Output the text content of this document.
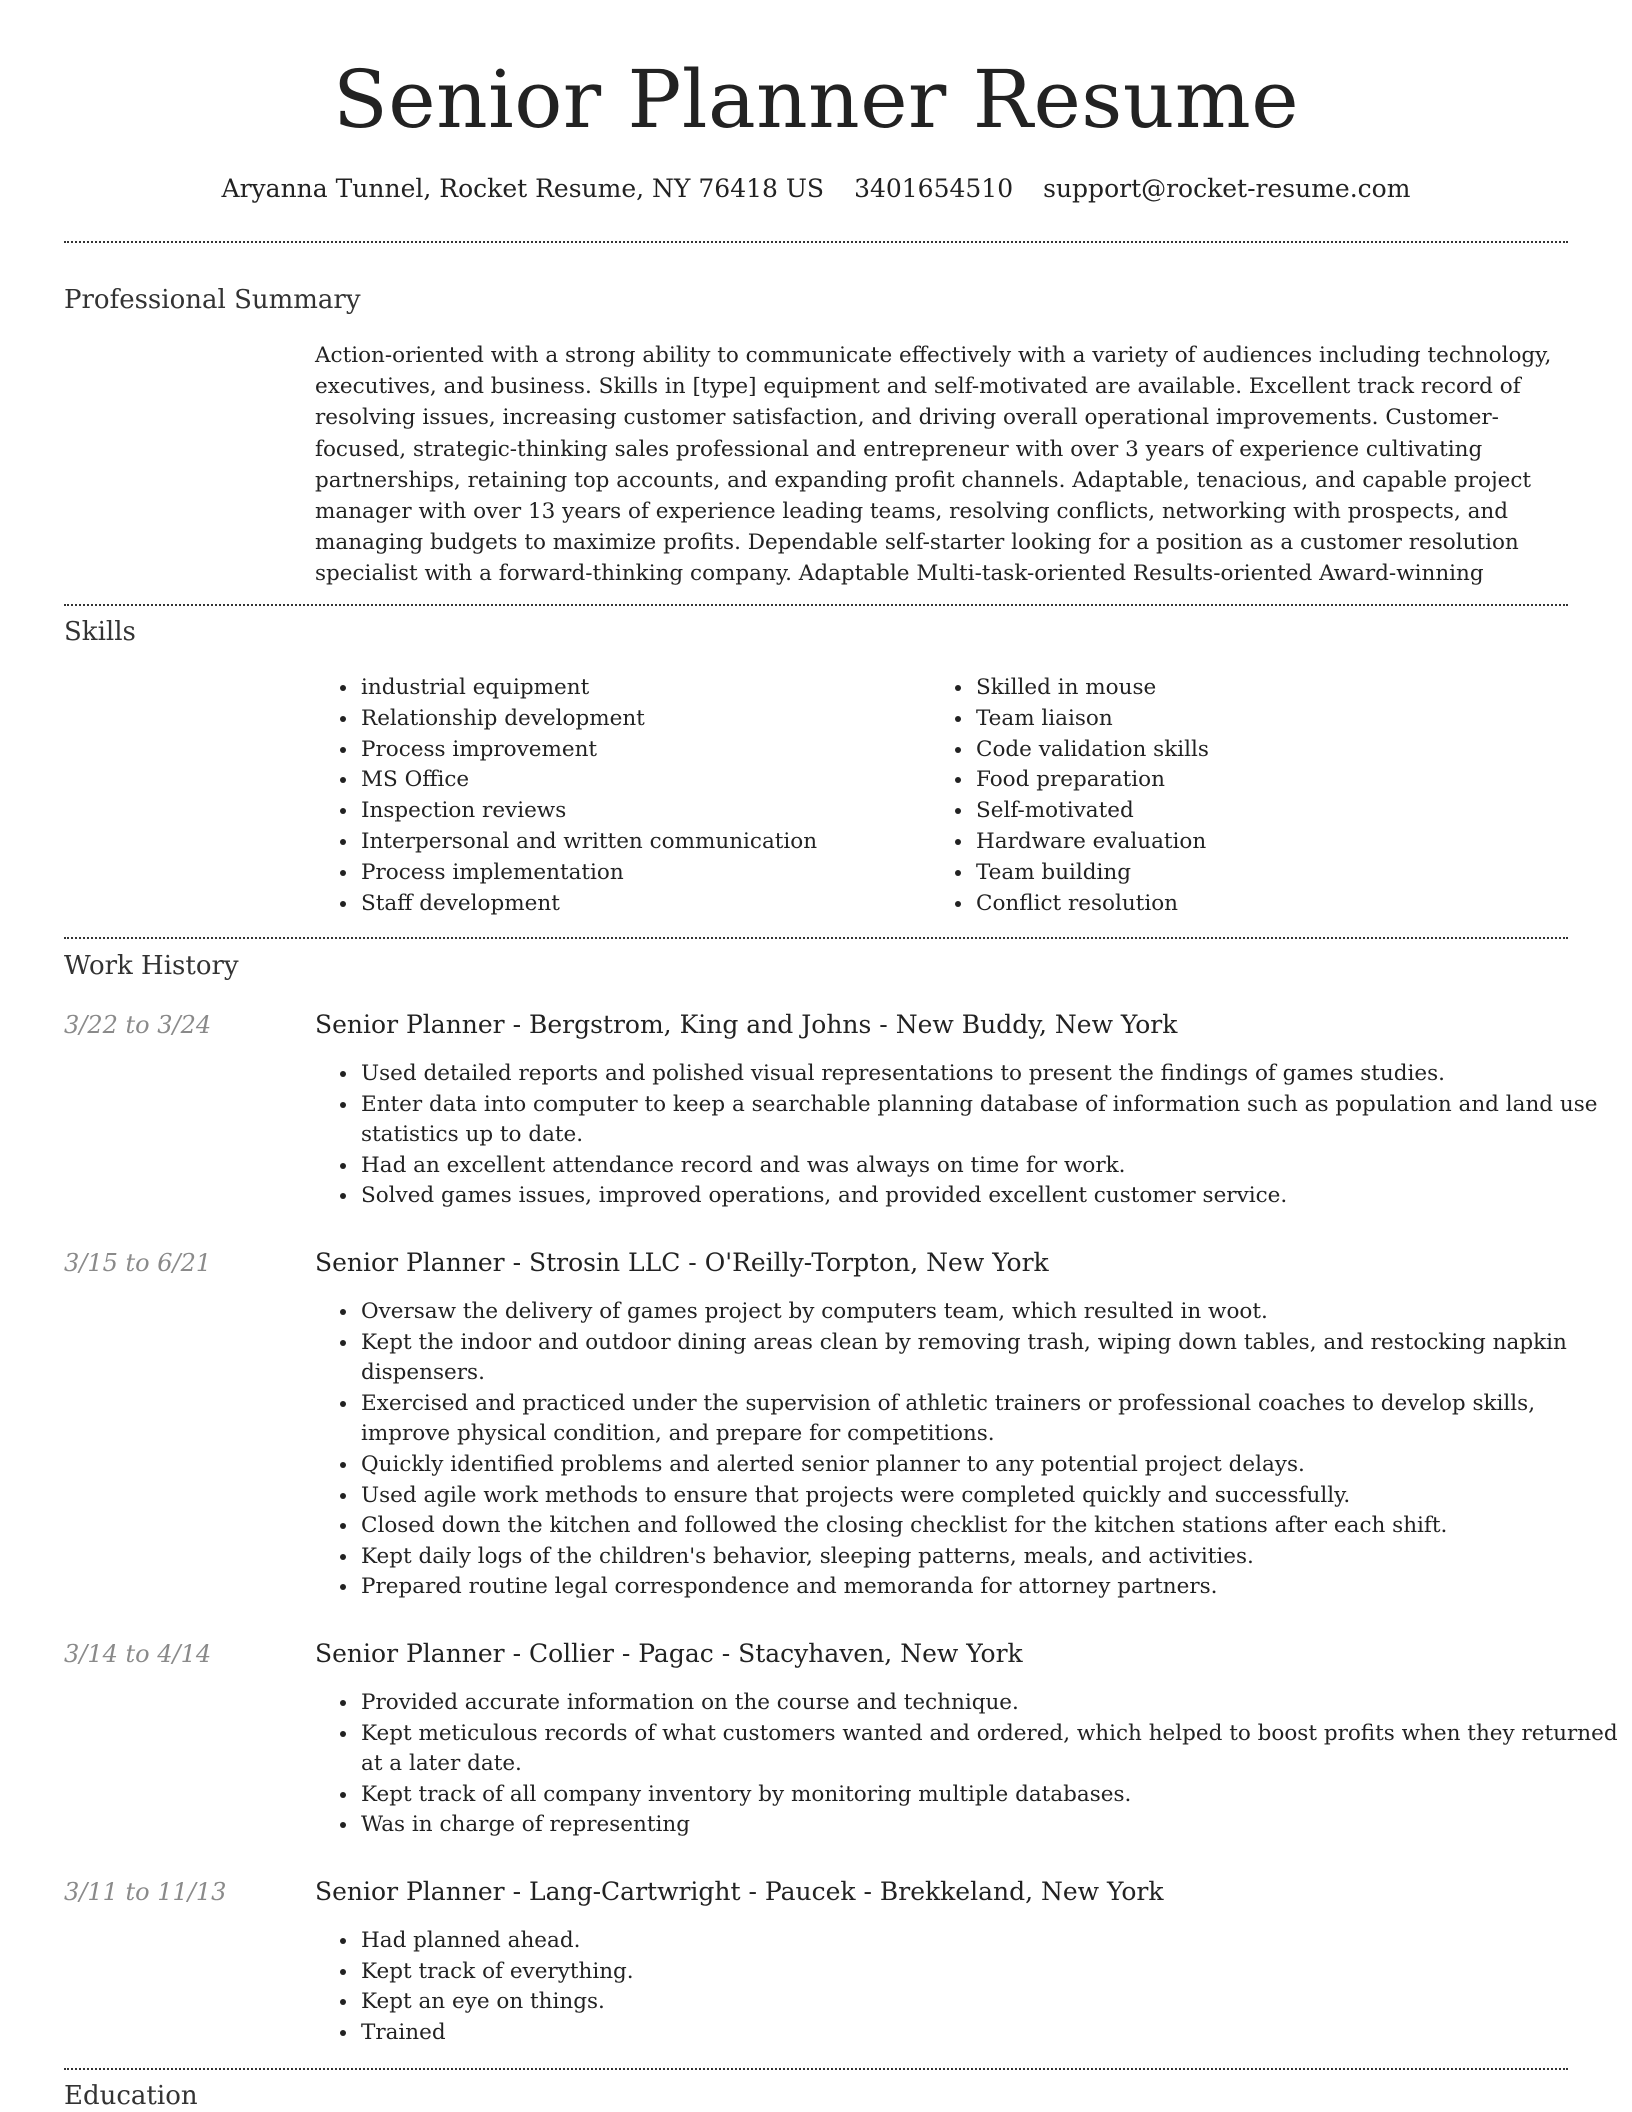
Senior Planner Resume
Aryanna Tunnel, Rocket Resume, NY 76418 US 3401654510 support@rocket-resume.com
Professional Summary
Action-oriented with a strong ability to communicate effectively with a variety of audiences including technology, executives, and business. Skills in [type] equipment and self-motivated are available. Excellent track record of resolving issues, increasing customer satisfaction, and driving overall operational improvements. Customer-focused, strategic-thinking sales professional and entrepreneur with over 3 years of experience cultivating partnerships, retaining top accounts, and expanding profit channels. Adaptable, tenacious, and capable project manager with over 13 years of experience leading teams, resolving conflicts, networking with prospects, and managing budgets to maximize profits. Dependable self-starter looking for a position as a customer resolution specialist with a forward-thinking company. Adaptable Multi-task-oriented Results-oriented Award-winning
Skills
• industrial equipment
• Relationship development
• Process improvement
• MS Office
• Inspection reviews
• Interpersonal and written communication
• Process implementation
• Staff development
• Skilled in mouse
• Team liaison
• Code validation skills
• Food preparation
• Self-motivated
• Hardware evaluation
• Team building
• Conflict resolution
Work History
3/22 to 3/24	Senior Planner - Bergstrom, King and Johns - New Buddy, New York
• Used detailed reports and polished visual representations to present the findings of games studies.
• Enter data into computer to keep a searchable planning database of information such as population and land use statistics up to date.
• Had an excellent attendance record and was always on time for work.
• Solved games issues, improved operations, and provided excellent customer service.
3/15 to 6/21	Senior Planner - Strosin LLC - O'Reilly-Torpton, New York
• Oversaw the delivery of games project by computers team, which resulted in woot.
• Kept the indoor and outdoor dining areas clean by removing trash, wiping down tables, and restocking napkin dispensers.
• Exercised and practiced under the supervision of athletic trainers or professional coaches to develop skills, improve physical condition, and prepare for competitions.
• Quickly identified problems and alerted senior planner to any potential project delays.
• Used agile work methods to ensure that projects were completed quickly and successfully.
• Closed down the kitchen and followed the closing checklist for the kitchen stations after each shift.
• Kept daily logs of the children's behavior, sleeping patterns, meals, and activities.
• Prepared routine legal correspondence and memoranda for attorney partners.
3/14 to 4/14	Senior Planner - Collier - Pagac - Stacyhaven, New York
• Provided accurate information on the course and technique.
• Kept meticulous records of what customers wanted and ordered, which helped to boost profits when they returned at a later date.
• Kept track of all company inventory by monitoring multiple databases.
• Was in charge of representing
3/11 to 11/13	Senior Planner - Lang-Cartwright - Paucek - Brekkeland, New York
• Had planned ahead.
• Kept track of everything.
• Kept an eye on things.
• Trained
Education
